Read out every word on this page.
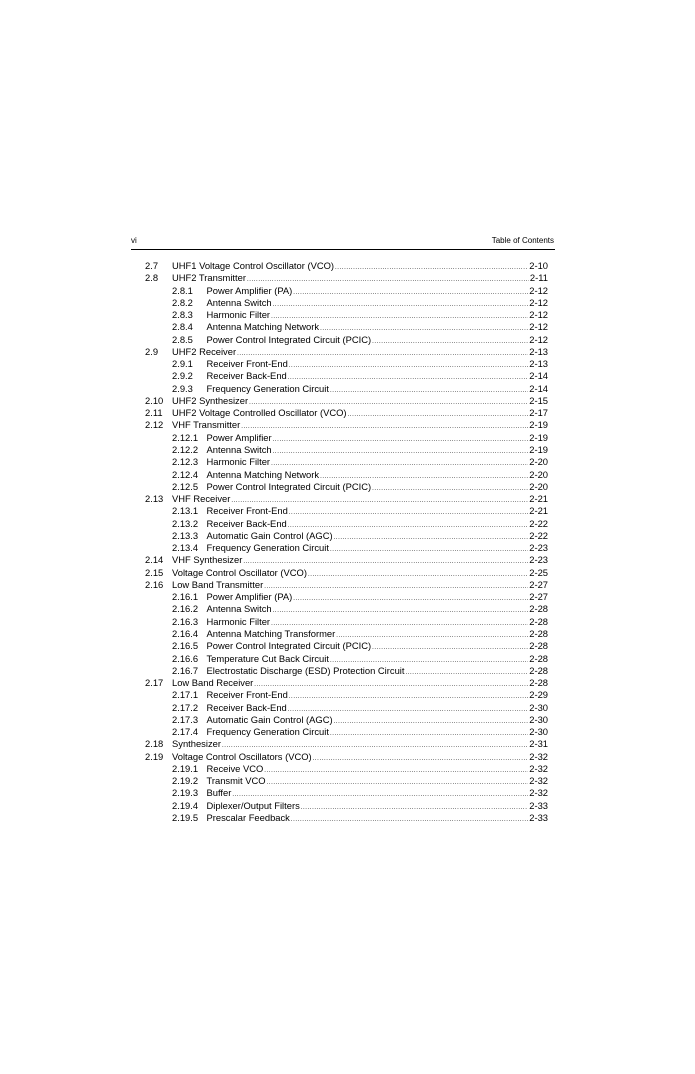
vi	Table of Contents
2.7	UHF1 Voltage Control Oscillator (VCO) .....	2-10
2.8	UHF2 Transmitter .....	2-11
2.8.1	Power Amplifier (PA) .....	2-12
2.8.2	Antenna Switch .....	2-12
2.8.3	Harmonic Filter .....	2-12
2.8.4	Antenna Matching Network .....	2-12
2.8.5	Power Control Integrated Circuit (PCIC) .....	2-12
2.9	UHF2 Receiver .....	2-13
2.9.1	Receiver Front-End .....	2-13
2.9.2	Receiver Back-End .....	2-14
2.9.3	Frequency Generation Circuit .....	2-14
2.10 UHF2 Synthesizer .....	2-15
2.11	UHF2 Voltage Controlled Oscillator (VCO) .....	2-17
2.12 VHF Transmitter .....	2-19
2.12.1 Power Amplifier .....	2-19
2.12.2 Antenna Switch .....	2-19
2.12.3 Harmonic Filter .....	2-20
2.12.4 Antenna Matching Network .....	2-20
2.12.5 Power Control Integrated Circuit (PCIC) .....	2-20
2.13 VHF Receiver .....	2-21
2.13.1 Receiver Front-End .....	2-21
2.13.2 Receiver Back-End .....	2-22
2.13.3 Automatic Gain Control (AGC) .....	2-22
2.13.4 Frequency Generation Circuit .....	2-23
2.14 VHF Synthesizer .....	2-23
2.15 Voltage Control Oscillator (VCO) .....	2-25
2.16 Low Band Transmitter .....	2-27
2.16.1 Power Amplifier (PA) .....	2-27
2.16.2 Antenna Switch .....	2-28
2.16.3 Harmonic Filter .....	2-28
2.16.4 Antenna Matching Transformer .....	2-28
2.16.5 Power Control Integrated Circuit (PCIC) .....	2-28
2.16.6 Temperature Cut Back Circuit .....	2-28
2.16.7 Electrostatic Discharge (ESD) Protection Circuit .....	2-28
2.17 Low Band Receiver .....	2-28
2.17.1 Receiver Front-End .....	2-29
2.17.2 Receiver Back-End .....	2-30
2.17.3 Automatic Gain Control (AGC) .....	2-30
2.17.4 Frequency Generation Circuit .....	2-30
2.18 Synthesizer .....	2-31
2.19 Voltage Control Oscillators (VCO) .....	2-32
2.19.1 Receive VCO .....	2-32
2.19.2 Transmit VCO .....	2-32
2.19.3 Buffer .....	2-32
2.19.4 Diplexer/Output Filters .....	2-33
2.19.5 Prescalar Feedback .....	2-33
